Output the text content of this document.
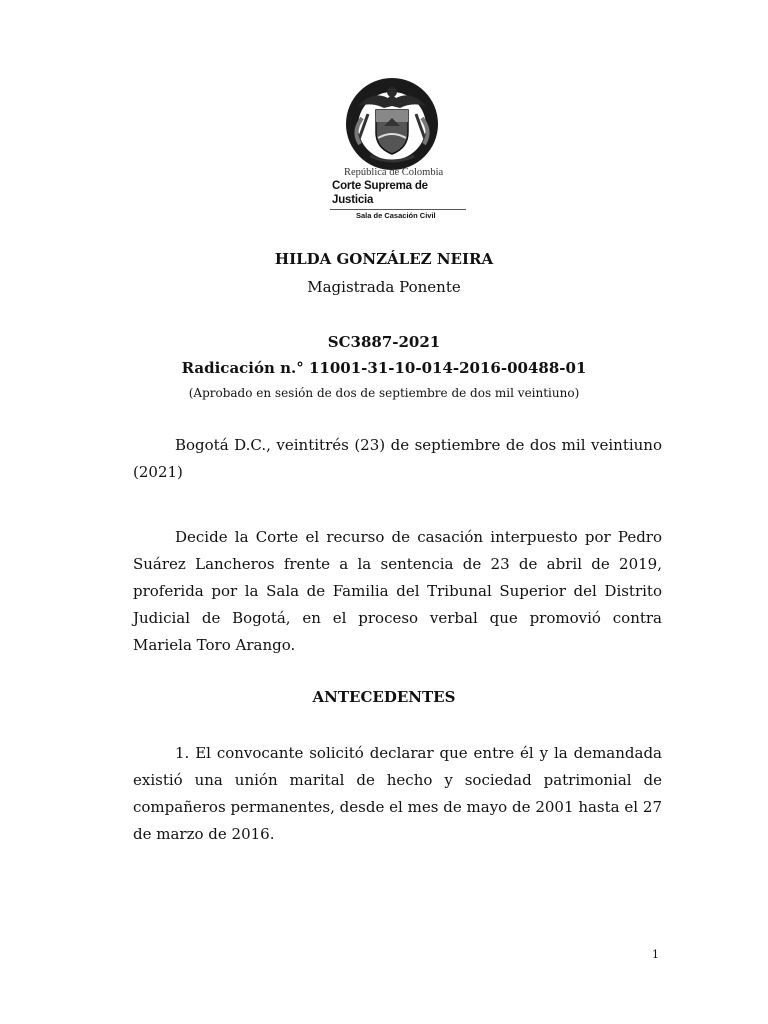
República de Colombia
Corte Suprema de Justicia
Sala de Casación Civil
HILDA GONZÁLEZ NEIRA
Magistrada Ponente
SC3887-2021
Radicación n.° 11001-31-10-014-2016-00488-01
(Aprobado en sesión de dos de septiembre de dos mil veintiuno)

Bogotá D.C., veintitrés (23) de septiembre de dos mil veintiuno (2021)

Decide la Corte el recurso de casación interpuesto por Pedro Suárez Lancheros frente a la sentencia de 23 de abril de 2019, proferida por la Sala de Familia del Tribunal Superior del Distrito Judicial de Bogotá, en el proceso verbal que promovió contra Mariela Toro Arango.

ANTECEDENTES

1. El convocante solicitó declarar que entre él y la demandada existió una unión marital de hecho y sociedad patrimonial de compañeros permanentes, desde el mes de mayo de 2001 hasta el 27 de marzo de 2016.

1
